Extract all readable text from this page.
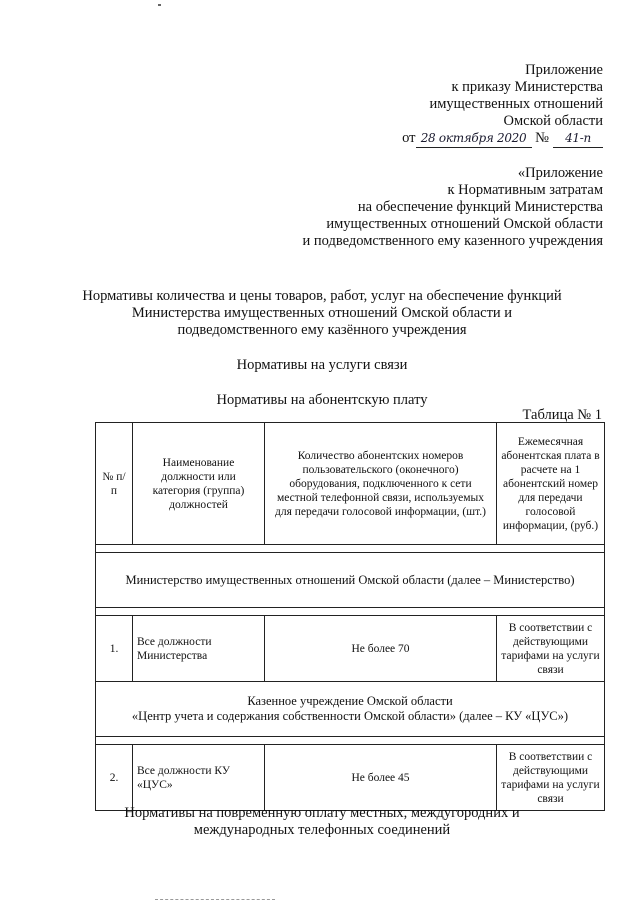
Приложение
к приказу Министерства
имущественных отношений
Омской области
от 28 октября 2020 № 41-п
«Приложение
к Нормативным затратам
на обеспечение функций Министерства
имущественных отношений Омской области
и подведомственного ему казенного учреждения
Нормативы количества и цены товаров, работ, услуг на обеспечение функций
Министерства имущественных отношений Омской области и
подведомственного ему казённого учреждения
Нормативы на услуги связи
Нормативы на абонентскую плату
Таблица № 1
№ п/п	Наименование должности или категория (группа) должностей	Количество абонентских номеров пользовательского (оконечного) оборудования, подключенного к сети местной телефонной связи, используемых для передачи голосовой информации, (шт.)	Ежемесячная абонентская плата в расчете на 1 абонентский номер для передачи голосовой информации, (руб.)

Министерство имущественных отношений Омской области (далее – Министерство)			

1.	Все должности Министерства	Не более 70	В соответствии с действующими тарифами на услуги связи

Казенное учреждение Омской области
«Центр учета и содержания собственности Омской области» (далее – КУ «ЦУС»)			

2.	Все должности КУ «ЦУС»	Не более 45	В соответствии с действующими тарифами на услуги связи
Нормативы на повременную оплату местных, междугородних и
международных телефонных соединений
